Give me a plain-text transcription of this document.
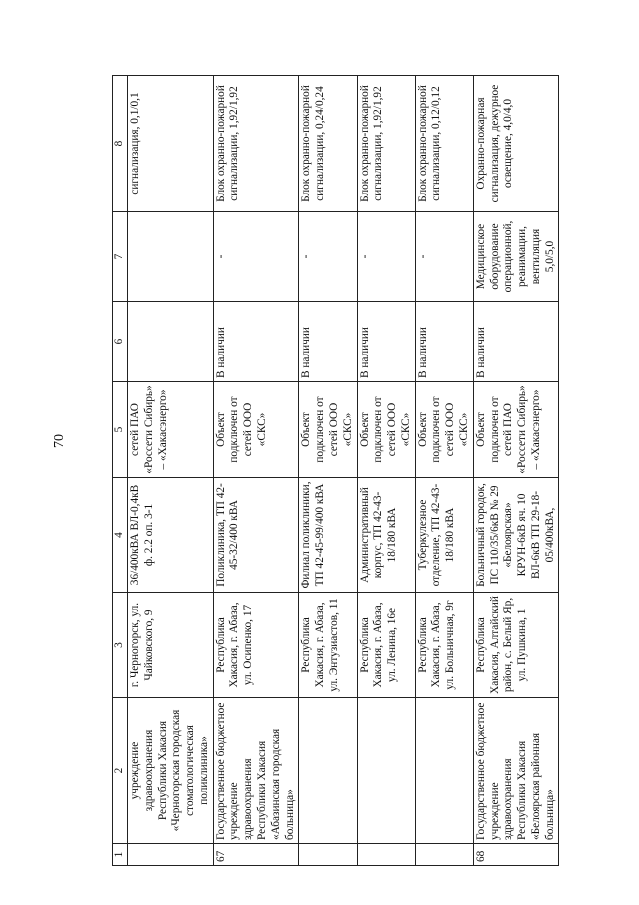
70
1	2	3	4	5	6	7	8
	учреждение здравоохранения Республики Хакасия «Черногорская городская стоматологическая поликлиника»	г. Черногорск, ул. Чайковского, 9	36/400кВА ВЛ-0,4кВ ф. 2.2 оп. 3-1	сетей ПАО «Россети Сибирь» – «Хакасэнерго»			сигнализация, 0,1/0,1
67	Государственное бюджетное учреждение здравоохранения Республики Хакасия «Абазинская городская больница»	Республика Хакасия, г. Абаза, ул. Осипенко, 17	Поликлиника, ТП 42-45-32/400 кВА	Объект подключен от сетей ООО «СКС»	В наличии	-	Блок охранно-пожарной сигнализации, 1,92/1,92
		Республика Хакасия, г. Абаза, ул. Энтузиастов, 11	Филиал поликлиники, ТП 42-45-99/400 кВА	Объект подключен от сетей ООО «СКС»	В наличии	-	Блок охранно-пожарной сигнализации, 0,24/0,24
		Республика Хакасия, г. Абаза, ул. Ленина, 16е	Административный корпус, ТП 42-43-18/180 кВА	Объект подключен от сетей ООО «СКС»	В наличии	-	Блок охранно-пожарной сигнализации, 1,92/1,92
		Республика Хакасия, г. Абаза, ул. Больничная, 9г	Туберкулезное отделение, ТП 42-43-18/180 кВА	Объект подключен от сетей ООО «СКС»	В наличии	-	Блок охранно-пожарной сигнализации, 0,12/0,12
68	Государственное бюджетное учреждение здравоохранения Республики Хакасия «Белоярская районная больница»	Республика Хакасия, Алтайский район, с. Белый Яр, ул. Пушкина, 1	Больничный городок, ПС 110/35/6кВ № 29 «Белоярская» КРУН-6кВ яч. 10 ВЛ-6кВ ТП 29-18-05/400кВА,	Объект подключен от сетей ПАО «Россети Сибирь» – «Хакасэнерго»	В наличии	Медицинское оборудование операционной, реанимации, вентиляция 5,0/5,0	Охранно-пожарная сигнализация, дежурное освещение, 4,0/4,0
